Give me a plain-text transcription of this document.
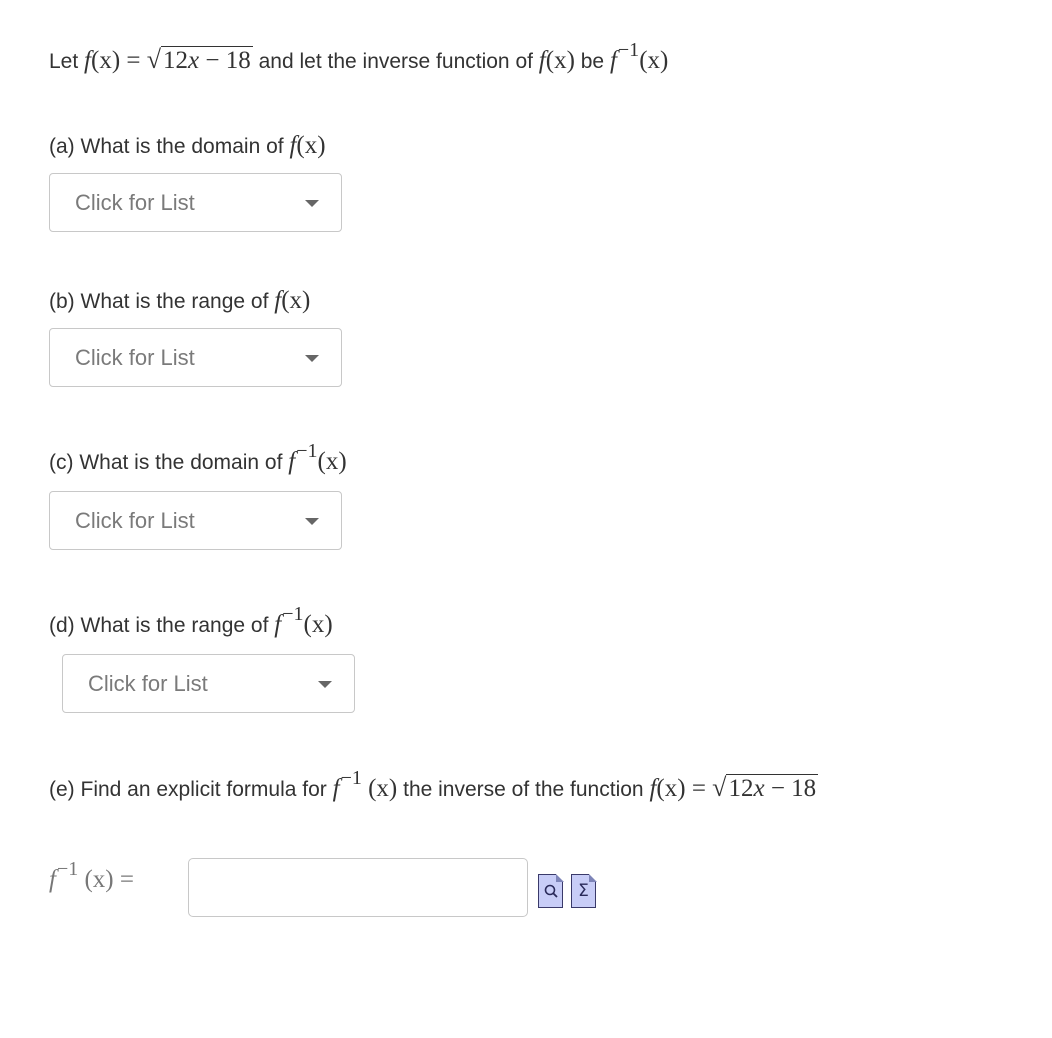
Let f(x) = √12x − 18 and let the inverse function of f(x) be $f^{-1}(x)$
(a) What is the domain of f(x)
Click for List
(b) What is the range of f(x)
Click for List
(c) What is the domain of $f^{-1}(x)$
Click for List
(d) What is the range of $f^{-1}(x)$
Click for List
(e) Find an explicit formula for $f^{-1}$ (x) the inverse of the function f(x) = √12x − 18
$f^{-1}$ (x) =	Σ
